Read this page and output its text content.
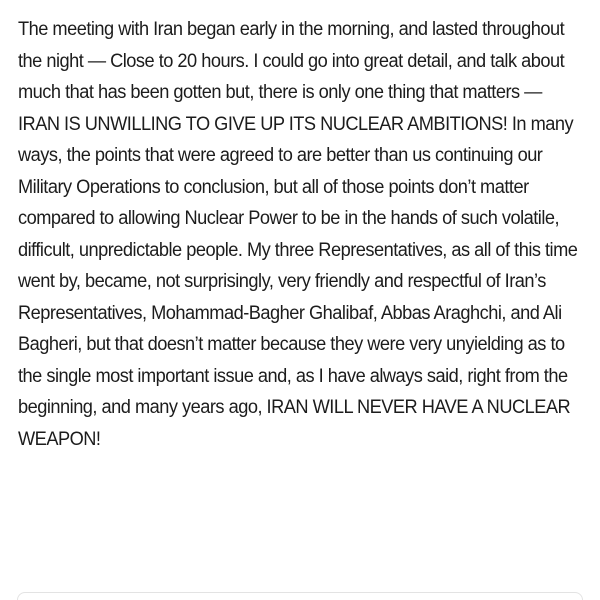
The meeting with Iran began early in the morning, and lasted throughout the night — Close to 20 hours. I could go into great detail, and talk about much that has been gotten but, there is only one thing that matters — IRAN IS UNWILLING TO GIVE UP ITS NUCLEAR AMBITIONS! In many ways, the points that were agreed to are better than us continuing our Military Operations to conclusion, but all of those points don’t matter compared to allowing Nuclear Power to be in the hands of such volatile, difficult, unpredictable people. My three Representatives, as all of this time went by, became, not surprisingly, very friendly and respectful of Iran’s Representatives, Mohammad-Bagher Ghalibaf, Abbas Araghchi, and Ali Bagheri, but that doesn’t matter because they were very unyielding as to the single most important issue and, as I have always said, right from the beginning, and many years ago, IRAN WILL NEVER HAVE A NUCLEAR WEAPON!
